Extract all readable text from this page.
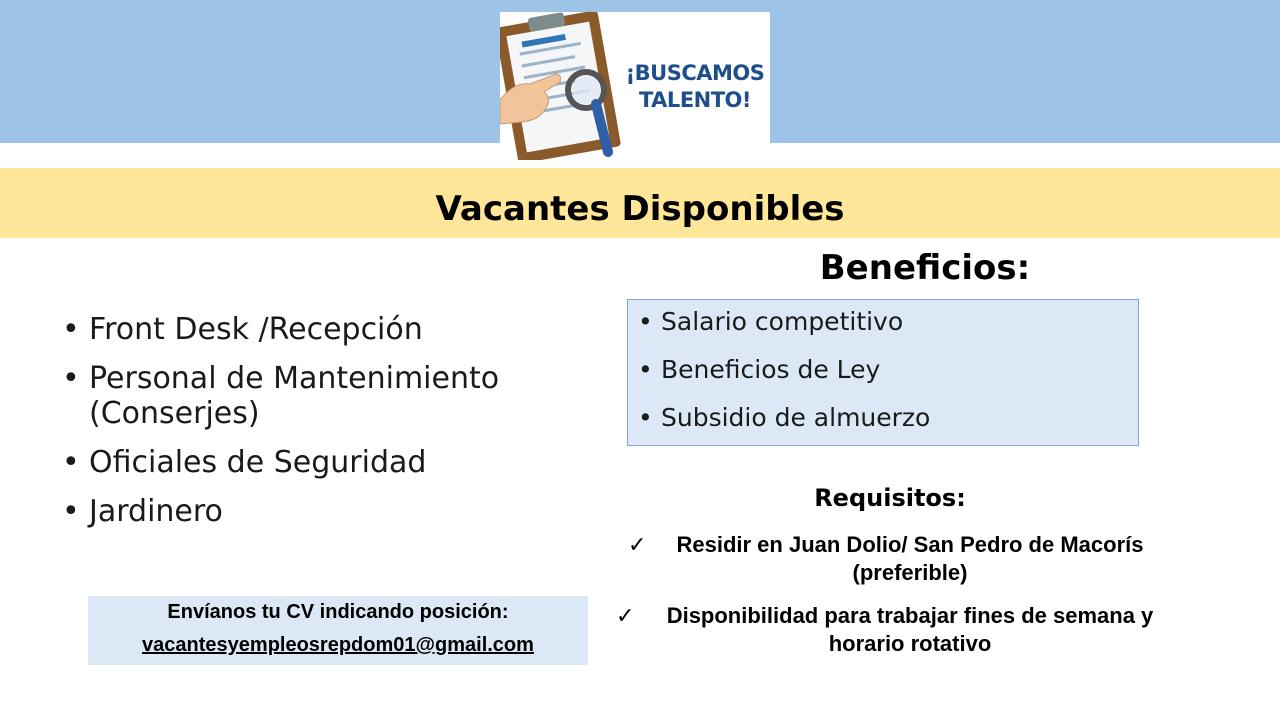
¡BUSCAMOS
TALENTO!
Vacantes Disponibles
• Front Desk /Recepción
• Personal de Mantenimiento (Conserjes)
• Oficiales de Seguridad
• Jardinero
Beneficios:
• Salario competitivo
• Beneficios de Ley
• Subsidio de almuerzo
Requisitos:
✓	Residir en Juan Dolio/ San Pedro de Macorís
(preferible)
✓	Disponibilidad para trabajar fines de semana y
horario rotativo
Envíanos tu CV indicando posición:
vacantesyempleosrepdom01@gmail.com
